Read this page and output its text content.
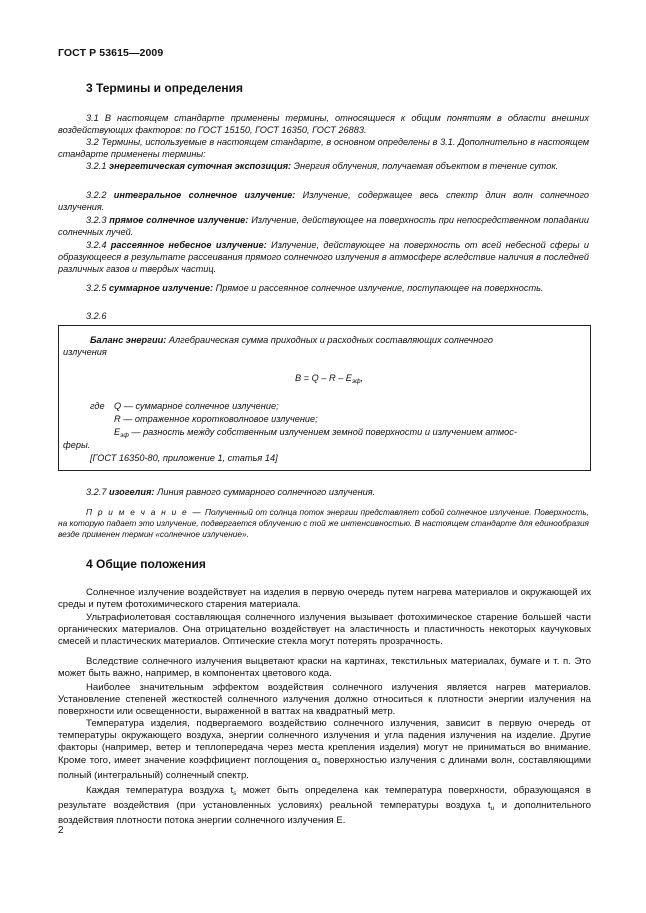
ГОСТ Р 53615—2009
3 Термины и определения
3.1 В настоящем стандарте применены термины, относящиеся к общим понятиям в области внешних воздействующих факторов: по ГОСТ 15150, ГОСТ 16350, ГОСТ 26883.
3.2 Термины, используемые в настоящем стандарте, в основном определены в 3.1. Дополнительно в настоящем стандарте применены термины:
3.2.1 энергетическая суточная экспозиция: Энергия облучения, получаемая объектом в течение суток.
3.2.2 интегральное солнечное излучение: Излучение, содержащее весь спектр длин волн солнечного излучения.
3.2.3 прямое солнечное излучение: Излучение, действующее на поверхность при непосредственном попадании солнечных лучей.
3.2.4 рассеянное небесное излучение: Излучение, действующее на поверхность от всей небесной сферы и образующееся в результате рассеивания прямого солнечного излучения в атмосфере вследствие наличия в последней различных газов и твердых частиц.
3.2.5 суммарное излучение: Прямое и рассеянное солнечное излучение, поступающее на поверхность.
3.2.6
Баланс энергии: Алгебраическая сумма приходных и расходных составляющих солнечного
излучения
$B = Q - R - E_{эф}$,
где Q — суммарное солнечное излучение;
R — отраженное коротковолновое излучение;
$E_{эф}$ — разность между собственным излучением земной поверхности и излучением атмос-
феры.
[ГОСТ 16350-80, приложение 1, статья 14]
3.2.7 изогелия: Линия равного суммарного солнечного излучения.
П р и м е ч а н и е — Полученный от солнца поток энергии представляет собой солнечное излучение. Поверхность, на которую падает это излучение, подвергается облучению с той же интенсивностью. В настоящем стандарте для единообразия везде применен термин «солнечное излучение».
4 Общие положения
Солнечное излучение воздействует на изделия в первую очередь путем нагрева материалов и окружающей их среды и путем фотохимического старения материала.
Ультрафиолетовая составляющая солнечного излучения вызывает фотохимическое старение большей части органических материалов. Она отрицательно воздействует на эластичность и пластичность некоторых каучуковых смесей и пластических материалов. Оптические стекла могут потерять прозрачность.
Вследствие солнечного излучения выцветают краски на картинах, текстильных материалах, бумаге и т. п. Это может быть важно, например, в компонентах цветового кода.
Наиболее значительным эффектом воздействия солнечного излучения является нагрев материалов. Установление степеней жесткостей солнечного излучения должно относиться к плотности энергии излучения на поверхности или освещенности, выраженной в ваттах на квадратный метр.
Температура изделия, подвергаемого воздействию солнечного излучения, зависит в первую очередь от температуры окружающего воздуха, энергии солнечного излучения и угла падения излучения на изделие. Другие факторы (например, ветер и теплопередача через места крепления изделия) могут не приниматься во внимание. Кроме того, имеет значение коэффициент поглощения $\alpha_s$ поверхностью излучения с длинами волн, составляющими полный (интегральный) солнечный спектр.
Каждая температура воздуха $t_s$ может быть определена как температура поверхности, образующаяся в результате воздействия (при установленных условиях) реальной температуры воздуха $t_u$ и дополнительного воздействия плотности потока энергии солнечного излучения E.
2
